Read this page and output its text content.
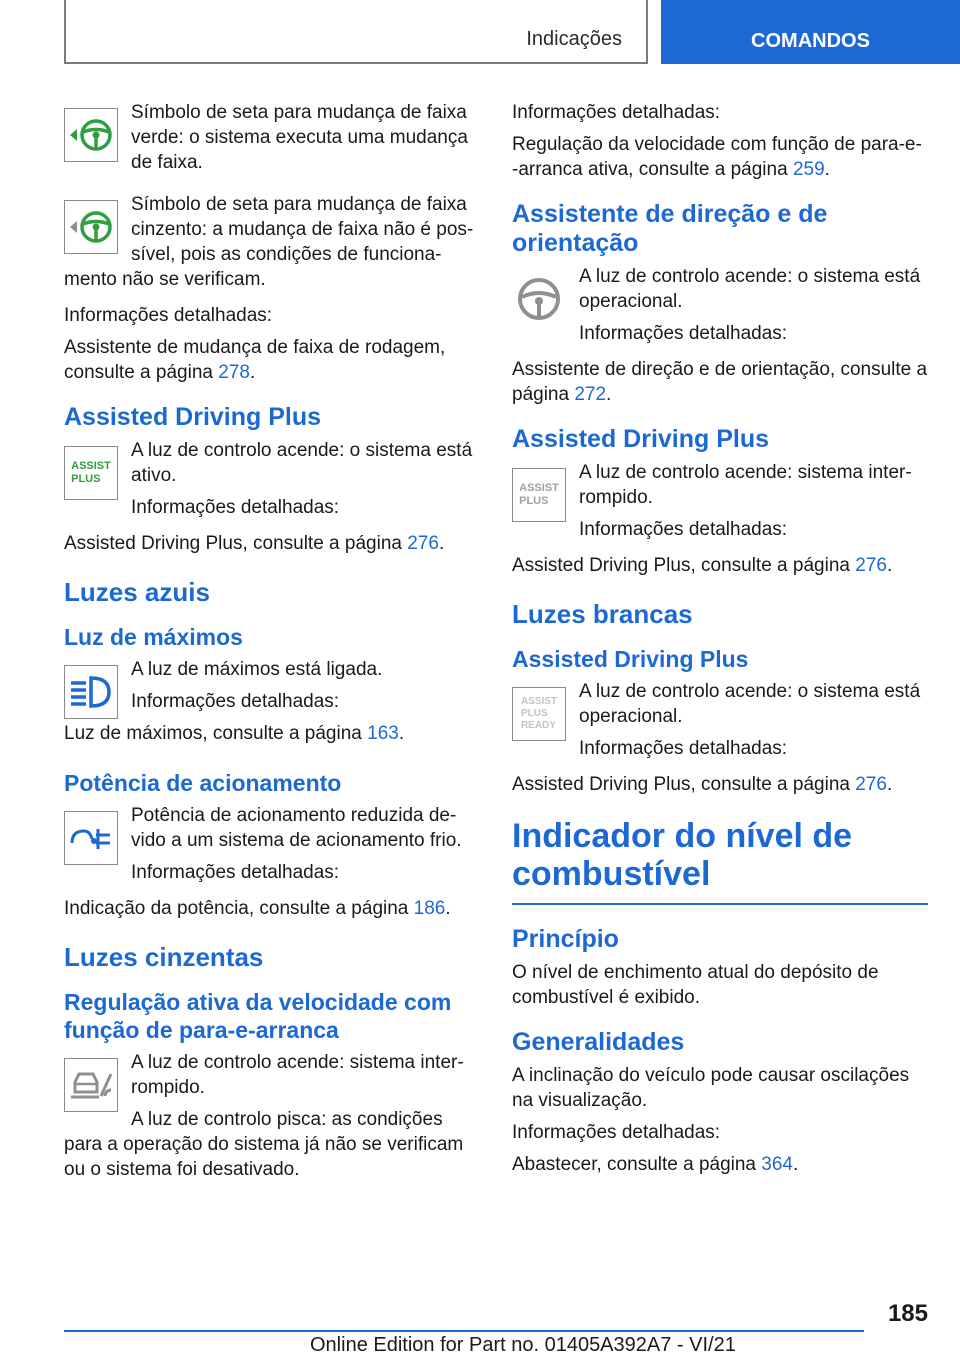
Indicações	COMANDOS

Símbolo de seta para mudança de faixa verde: o sistema executa uma mudança de faixa.

Símbolo de seta para mudança de faixa cinzento: a mudança de faixa não é pos-sível, pois as condições de funciona-mento não se verificam.

Informações detalhadas:

Assistente de mudança de faixa de rodagem, consulte a página 278.

Assisted Driving Plus
ASSIST
PLUS

A luz de controlo acende: o sistema está ativo.

Informações detalhadas:

Assisted Driving Plus, consulte a página 276.

Luzes azuis
Luz de máximos

A luz de máximos está ligada.

Informações detalhadas:

Luz de máximos, consulte a página 163.

Potência de acionamento

Potência de acionamento reduzida de-vido a um sistema de acionamento frio.

Informações detalhadas:

Indicação da potência, consulte a página 186.

Luzes cinzentas
Regulação ativa da velocidade com função de para-e-arranca

A luz de controlo acende: sistema inter-rompido.

A luz de controlo pisca: as condições para a operação do sistema já não se verificam ou o sistema foi desativado.

Informações detalhadas:

Regulação da velocidade com função de para-e--arranca ativa, consulte a página 259.

Assistente de direção e de orientação

A luz de controlo acende: o sistema está operacional.

Informações detalhadas:

Assistente de direção e de orientação, consulte a página 272.

Assisted Driving Plus
ASSIST
PLUS

A luz de controlo acende: sistema inter-rompido.

Informações detalhadas:

Assisted Driving Plus, consulte a página 276.

Luzes brancas
Assisted Driving Plus
ASSIST
PLUS
READY

A luz de controlo acende: o sistema está operacional.

Informações detalhadas:

Assisted Driving Plus, consulte a página 276.

Indicador do nível de combustível
Princípio

O nível de enchimento atual do depósito de combustível é exibido.

Generalidades

A inclinação do veículo pode causar oscilações na visualização.

Informações detalhadas:

Abastecer, consulte a página 364.

185
Online Edition for Part no. 01405A392A7 - VI/21
